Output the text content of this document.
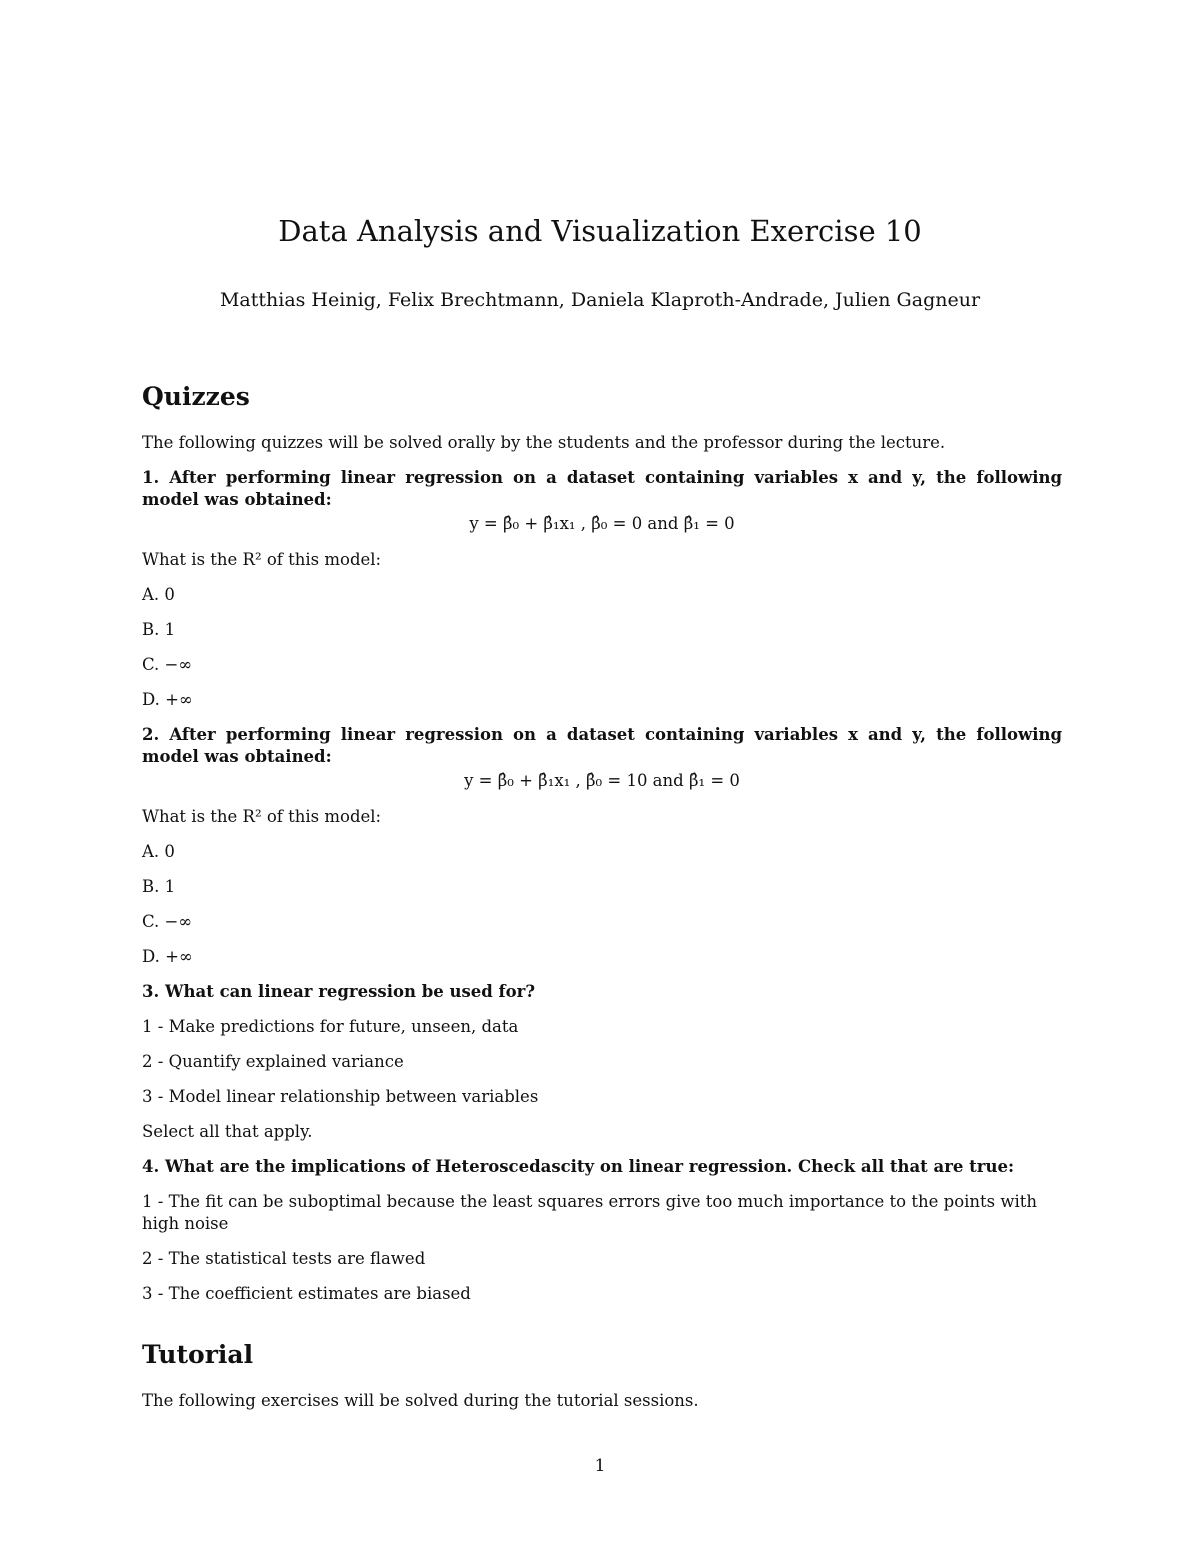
Data Analysis and Visualization Exercise 10
Matthias Heinig, Felix Brechtmann, Daniela Klaproth-Andrade, Julien Gagneur
Quizzes

The following quizzes will be solved orally by the students and the professor during the lecture.

1. After performing linear regression on a dataset containing variables x and y, the following model was obtained:

y = β̂₀ + β̂₁x₁ , β̂₀ = 0 and β̂₁ = 0

What is the R² of this model:

A. 0

B. 1

C. −∞

D. +∞

2. After performing linear regression on a dataset containing variables x and y, the following model was obtained:

y = β̂₀ + β̂₁x₁ , β̂₀ = 10 and β̂₁ = 0

What is the R² of this model:

A. 0

B. 1

C. −∞

D. +∞

3. What can linear regression be used for?

1 - Make predictions for future, unseen, data

2 - Quantify explained variance

3 - Model linear relationship between variables

Select all that apply.

4. What are the implications of Heteroscedascity on linear regression. Check all that are true:

1 - The fit can be suboptimal because the least squares errors give too much importance to the points with high noise

2 - The statistical tests are flawed

3 - The coefficient estimates are biased

Tutorial

The following exercises will be solved during the tutorial sessions.

1
